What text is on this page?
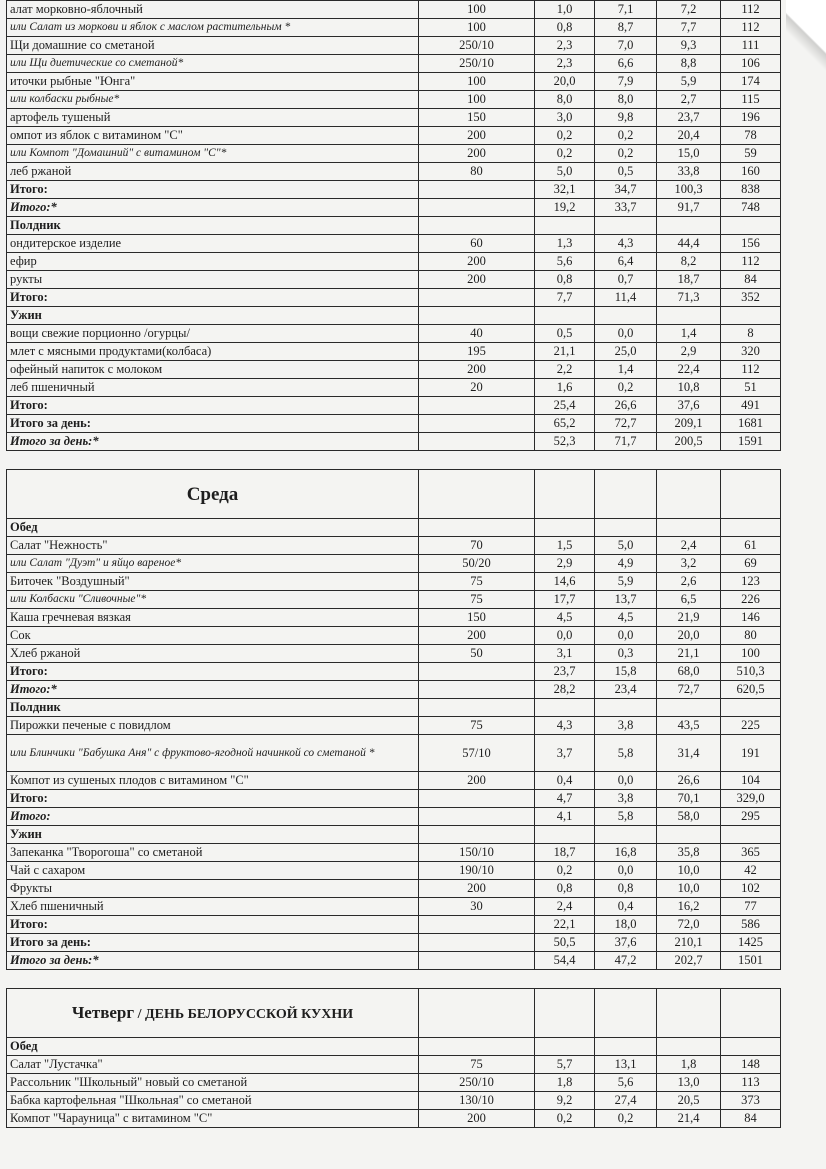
алат морковно-яблочный	100	1,0	7,1	7,2	112
или Салат из моркови и яблок с маслом растительным *	100	0,8	8,7	7,7	112
Щи домашние со сметаной	250/10	2,3	7,0	9,3	111
или Щи диетические со сметаной*	250/10	2,3	6,6	8,8	106
иточки рыбные "Юнга"	100	20,0	7,9	5,9	174
или колбаски рыбные*	100	8,0	8,0	2,7	115
артофель тушеный	150	3,0	9,8	23,7	196
омпот из яблок с витамином "С"	200	0,2	0,2	20,4	78
или Компот "Домашний" с витамином "С"*	200	0,2	0,2	15,0	59
леб ржаной	80	5,0	0,5	33,8	160
Итого:		32,1	34,7	100,3	838
Итого:*		19,2	33,7	91,7	748
Полдник					
ондитерское изделие	60	1,3	4,3	44,4	156
ефир	200	5,6	6,4	8,2	112
рукты	200	0,8	0,7	18,7	84
Итого:		7,7	11,4	71,3	352
Ужин					
вощи свежие порционно /огурцы/	40	0,5	0,0	1,4	8
млет с мясными продуктами(колбаса)	195	21,1	25,0	2,9	320
офейный напиток с молоком	200	2,2	1,4	22,4	112
леб пшеничный	20	1,6	0,2	10,8	51
Итого:		25,4	26,6	37,6	491
Итого за день:		65,2	72,7	209,1	1681
Итого за день:*		52,3	71,7	200,5	1591

Среда					
Обед					
Салат "Нежность"	70	1,5	5,0	2,4	61
или Салат "Дуэт" и яйцо вареное*	50/20	2,9	4,9	3,2	69
Биточек "Воздушный"	75	14,6	5,9	2,6	123
или Колбаски "Сливочные"*	75	17,7	13,7	6,5	226
Каша гречневая вязкая	150	4,5	4,5	21,9	146
Сок	200	0,0	0,0	20,0	80
Хлеб ржаной	50	3,1	0,3	21,1	100
Итого:		23,7	15,8	68,0	510,3
Итого:*		28,2	23,4	72,7	620,5
Полдник					
Пирожки печеные с повидлом	75	4,3	3,8	43,5	225
или Блинчики "Бабушка Аня" с фруктово-ягодной начинкой со сметаной *	57/10	3,7	5,8	31,4	191
Компот из сушеных плодов с витамином "С"	200	0,4	0,0	26,6	104
Итого:		4,7	3,8	70,1	329,0
Итого:		4,1	5,8	58,0	295
Ужин					
Запеканка "Творогоша" со сметаной	150/10	18,7	16,8	35,8	365
Чай с сахаром	190/10	0,2	0,0	10,0	42
Фрукты	200	0,8	0,8	10,0	102
Хлеб пшеничный	30	2,4	0,4	16,2	77
Итого:		22,1	18,0	72,0	586
Итого за день:		50,5	37,6	210,1	1425
Итого за день:*		54,4	47,2	202,7	1501

Четверг / ДЕНЬ БЕЛОРУССКОЙ КУХНИ					
Обед					
Салат "Лустачка"	75	5,7	13,1	1,8	148
Рассольник "Школьный" новый со сметаной	250/10	1,8	5,6	13,0	113
Бабка картофельная "Школьная" со сметаной	130/10	9,2	27,4	20,5	373
Компот "Чарауница" с витамином "С"	200	0,2	0,2	21,4	84
